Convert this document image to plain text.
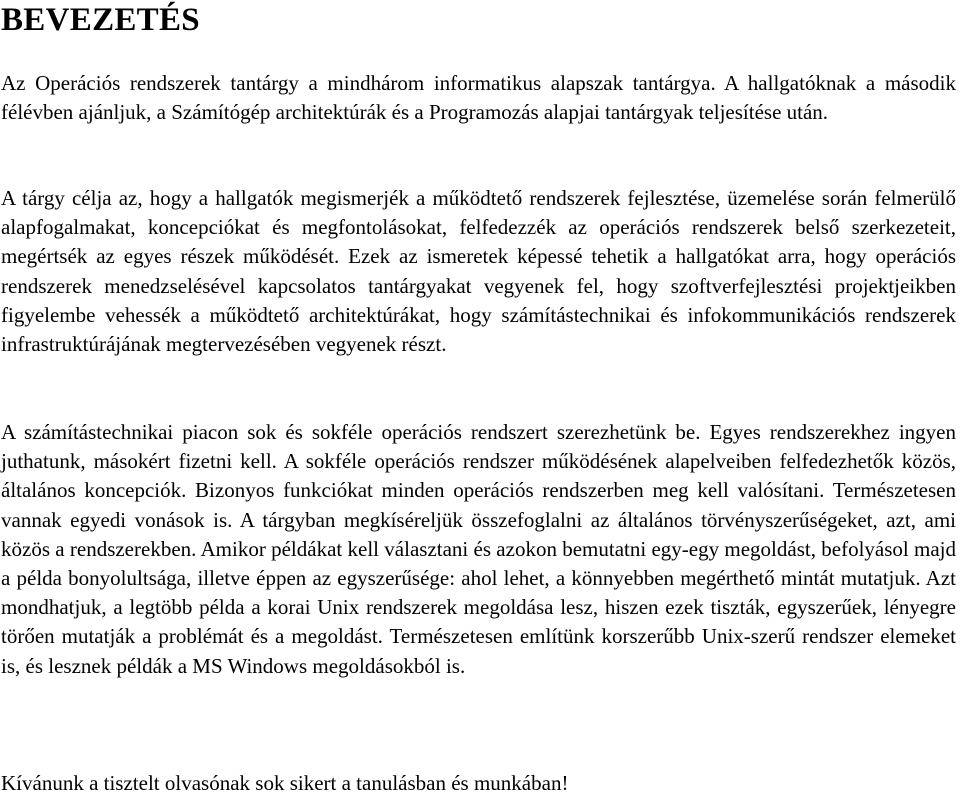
BEVEZETÉS

Az Operációs rendszerek tantárgy a mindhárom informatikus alapszak tantárgya. A hallgatóknak a második félévben ajánljuk, a Számítógép architektúrák és a Programozás alapjai tantárgyak teljesítése után.

A tárgy célja az, hogy a hallgatók megismerjék a működtető rendszerek fejlesztése, üzemelése során felmerülő alapfogalmakat, koncepciókat és megfontolásokat, felfedezzék az operációs rendszerek belső szerkezeteit, megértsék az egyes részek működését. Ezek az ismeretek képessé tehetik a hallgatókat arra, hogy operációs rendszerek menedzselésével kapcsolatos tantárgyakat vegyenek fel, hogy szoftverfejlesztési projektjeikben figyelembe vehessék a működtető architektúrákat, hogy számítástechnikai és infokommunikációs rendszerek infrastruktúrájának megtervezésében vegyenek részt.

A számítástechnikai piacon sok és sokféle operációs rendszert szerezhetünk be. Egyes rendszerekhez ingyen juthatunk, másokért fizetni kell. A sokféle operációs rendszer működésének alapelveiben felfedezhetők közös, általános koncepciók. Bizonyos funkciókat minden operációs rendszerben meg kell valósítani. Természetesen vannak egyedi vonások is. A tárgyban megkíséreljük összefoglalni az általános törvényszerűségeket, azt, ami közös a rendszerekben. Amikor példákat kell választani és azokon bemutatni egy-egy megoldást, befolyásol majd a példa bonyolultsága, illetve éppen az egyszerűsége: ahol lehet, a könnyebben megérthető mintát mutatjuk. Azt mondhatjuk, a legtöbb példa a korai Unix rendszerek megoldása lesz, hiszen ezek tiszták, egyszerűek, lényegre törően mutatják a problémát és a megoldást. Természetesen említünk korszerűbb Unix-szerű rendszer elemeket is, és lesznek példák a MS Windows megoldásokból is.

Kívánunk a tisztelt olvasónak sok sikert a tanulásban és munkában!
